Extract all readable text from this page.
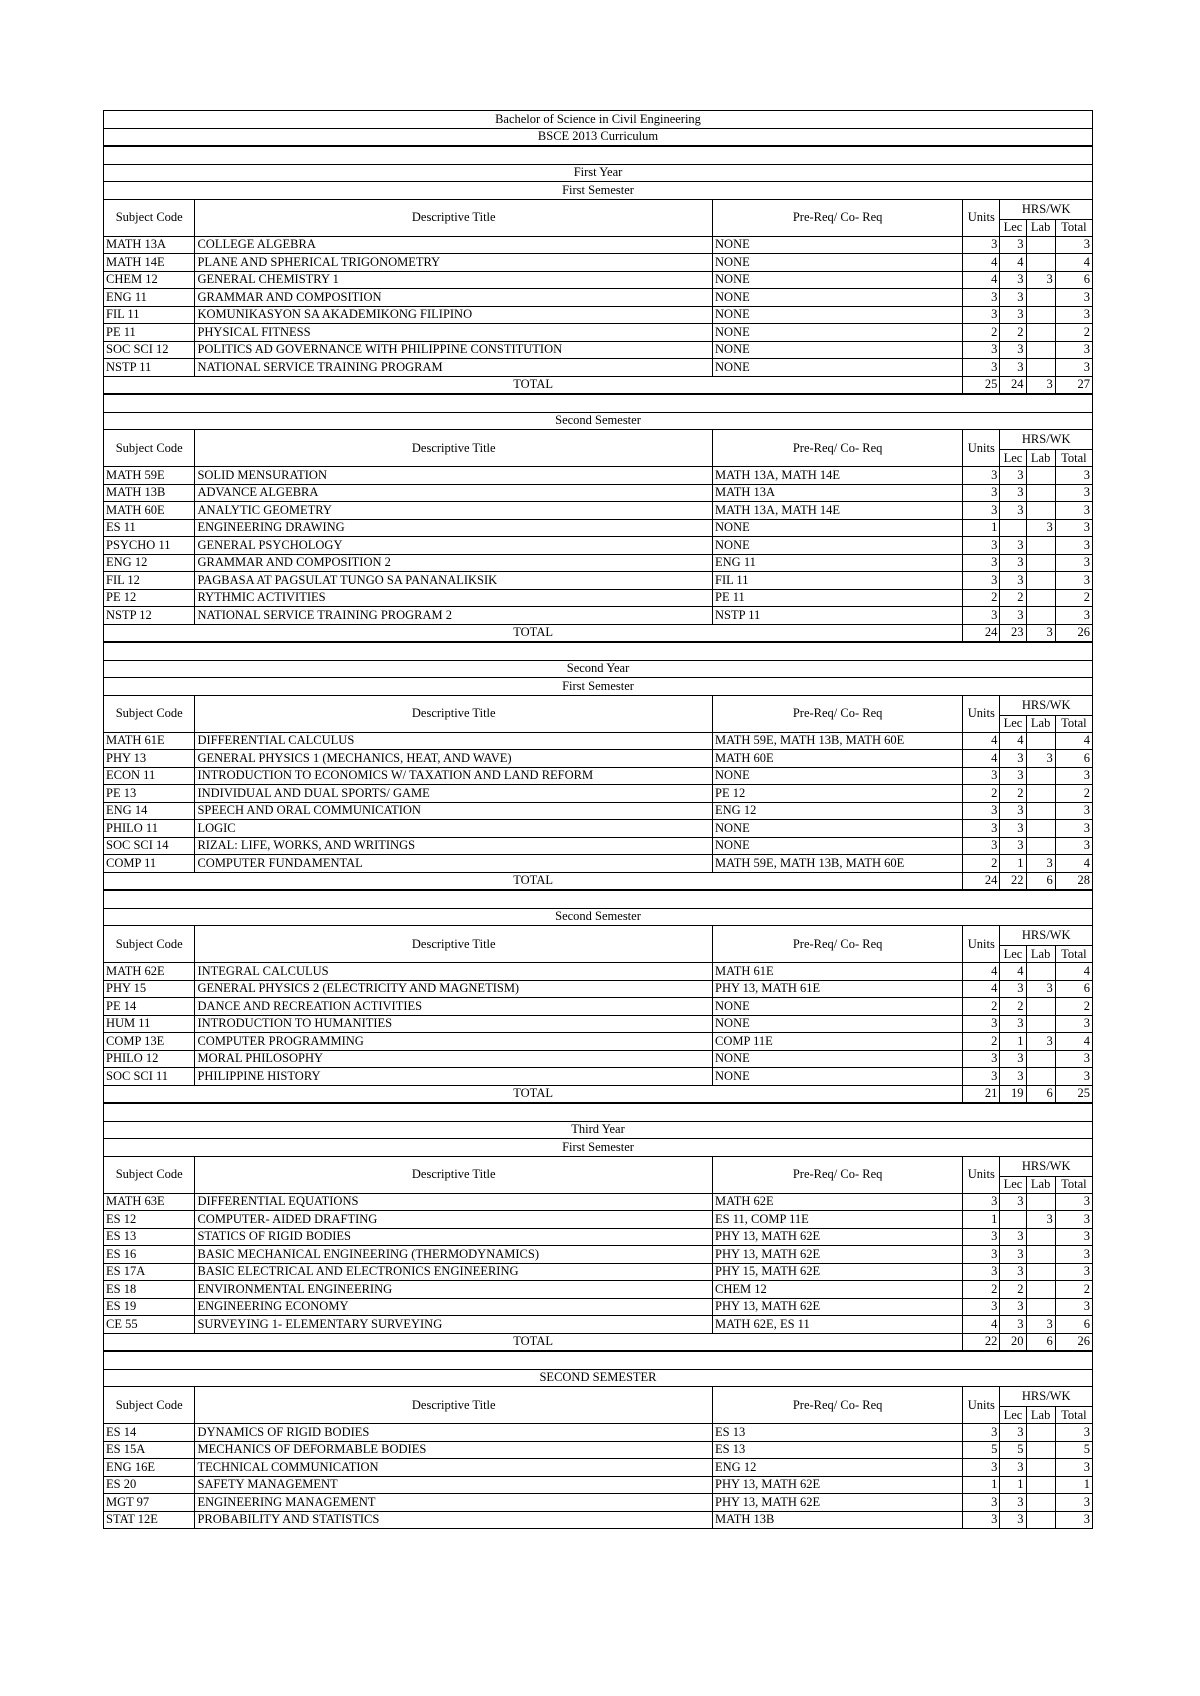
Bachelor of Science in Civil Engineering						
BSCE 2013 Curriculum						

First Year						
First Semester						
Subject Code	Descriptive Title	Pre-Req/ Co- Req	Units	HRS/WK		
				Lec	Lab	Total
MATH 13A	COLLEGE ALGEBRA	NONE	3	3		3
MATH 14E	PLANE AND SPHERICAL TRIGONOMETRY	NONE	4	4		4
CHEM 12	GENERAL CHEMISTRY 1	NONE	4	3	3	6
ENG 11	GRAMMAR AND COMPOSITION	NONE	3	3		3
FIL 11	KOMUNIKASYON SA AKADEMIKONG FILIPINO	NONE	3	3		3
PE 11	PHYSICAL FITNESS	NONE	2	2		2
SOC SCI 12	POLITICS AD GOVERNANCE WITH PHILIPPINE CONSTITUTION	NONE	3	3		3
NSTP 11	NATIONAL SERVICE TRAINING PROGRAM	NONE	3	3		3
TOTAL			25	24	3	27

Second Semester						
Subject Code	Descriptive Title	Pre-Req/ Co- Req	Units	HRS/WK		
				Lec	Lab	Total
MATH 59E	SOLID MENSURATION	MATH 13A, MATH 14E	3	3		3
MATH 13B	ADVANCE ALGEBRA	MATH 13A	3	3		3
MATH 60E	ANALYTIC GEOMETRY	MATH 13A, MATH 14E	3	3		3
ES 11	ENGINEERING DRAWING	NONE	1		3	3
PSYCHO 11	GENERAL PSYCHOLOGY	NONE	3	3		3
ENG 12	GRAMMAR AND COMPOSITION 2	ENG 11	3	3		3
FIL 12	PAGBASA AT PAGSULAT TUNGO SA PANANALIKSIK	FIL 11	3	3		3
PE 12	RYTHMIC ACTIVITIES	PE 11	2	2		2
NSTP 12	NATIONAL SERVICE TRAINING PROGRAM 2	NSTP 11	3	3		3
TOTAL			24	23	3	26

Second Year						
First Semester						
Subject Code	Descriptive Title	Pre-Req/ Co- Req	Units	HRS/WK		
				Lec	Lab	Total
MATH 61E	DIFFERENTIAL CALCULUS	MATH 59E, MATH 13B, MATH 60E	4	4		4
PHY 13	GENERAL PHYSICS 1 (MECHANICS, HEAT, AND WAVE)	MATH 60E	4	3	3	6
ECON 11	INTRODUCTION TO ECONOMICS W/ TAXATION AND LAND REFORM	NONE	3	3		3
PE 13	INDIVIDUAL AND DUAL SPORTS/ GAME	PE 12	2	2		2
ENG 14	SPEECH AND ORAL COMMUNICATION	ENG 12	3	3		3
PHILO 11	LOGIC	NONE	3	3		3
SOC SCI 14	RIZAL: LIFE, WORKS, AND WRITINGS	NONE	3	3		3
COMP 11	COMPUTER FUNDAMENTAL	MATH 59E, MATH 13B, MATH 60E	2	1	3	4
TOTAL			24	22	6	28

Second Semester						
Subject Code	Descriptive Title	Pre-Req/ Co- Req	Units	HRS/WK		
				Lec	Lab	Total
MATH 62E	INTEGRAL CALCULUS	MATH 61E	4	4		4
PHY 15	GENERAL PHYSICS 2 (ELECTRICITY AND MAGNETISM)	PHY 13, MATH 61E	4	3	3	6
PE 14	DANCE AND RECREATION ACTIVITIES	NONE	2	2		2
HUM 11	INTRODUCTION TO HUMANITIES	NONE	3	3		3
COMP 13E	COMPUTER PROGRAMMING	COMP 11E	2	1	3	4
PHILO 12	MORAL PHILOSOPHY	NONE	3	3		3
SOC SCI 11	PHILIPPINE HISTORY	NONE	3	3		3
TOTAL			21	19	6	25

Third Year						
First Semester						
Subject Code	Descriptive Title	Pre-Req/ Co- Req	Units	HRS/WK		
				Lec	Lab	Total
MATH 63E	DIFFERENTIAL EQUATIONS	MATH 62E	3	3		3
ES 12	COMPUTER- AIDED DRAFTING	ES 11, COMP 11E	1		3	3
ES 13	STATICS OF RIGID BODIES	PHY 13, MATH 62E	3	3		3
ES 16	BASIC MECHANICAL ENGINEERING (THERMODYNAMICS)	PHY 13, MATH 62E	3	3		3
ES 17A	BASIC ELECTRICAL AND ELECTRONICS ENGINEERING	PHY 15, MATH 62E	3	3		3
ES 18	ENVIRONMENTAL ENGINEERING	CHEM 12	2	2		2
ES 19	ENGINEERING ECONOMY	PHY 13, MATH 62E	3	3		3
CE 55	SURVEYING 1- ELEMENTARY SURVEYING	MATH 62E, ES 11	4	3	3	6
TOTAL			22	20	6	26

SECOND SEMESTER						
Subject Code	Descriptive Title	Pre-Req/ Co- Req	Units	HRS/WK		
				Lec	Lab	Total
ES 14	DYNAMICS OF RIGID BODIES	ES 13	3	3		3
ES 15A	MECHANICS OF DEFORMABLE BODIES	ES 13	5	5		5
ENG 16E	TECHNICAL COMMUNICATION	ENG 12	3	3		3
ES 20	SAFETY MANAGEMENT	PHY 13, MATH 62E	1	1		1
MGT 97	ENGINEERING MANAGEMENT	PHY 13, MATH 62E	3	3		3
STAT 12E	PROBABILITY AND STATISTICS	MATH 13B	3	3		3
